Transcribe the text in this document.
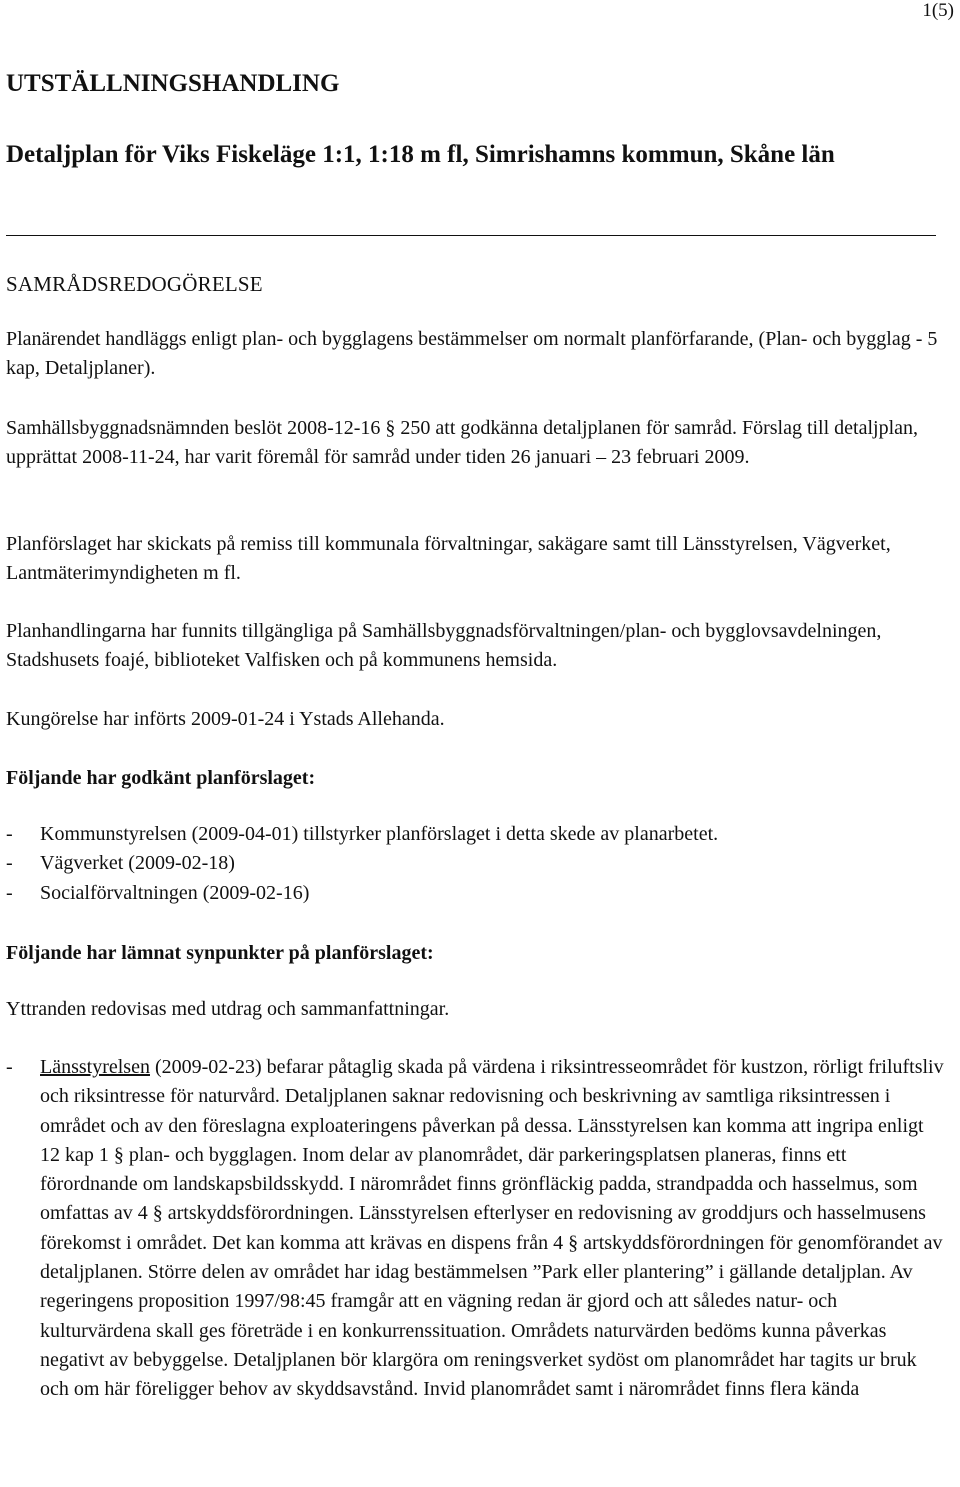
1(5)
UTSTÄLLNINGSHANDLING
Detaljplan för Viks Fiskeläge 1:1, 1:18 m fl, Simrishamns kommun, Skåne län
SAMRÅDSREDOGÖRELSE
Planärendet handläggs enligt plan- och bygglagens bestämmelser om normalt planförfarande, (Plan- och bygglag - 5 kap, Detaljplaner).
Samhällsbyggnadsnämnden beslöt 2008-12-16 § 250 att godkänna detaljplanen för samråd. Förslag till detaljplan, upprättat 2008-11-24, har varit föremål för samråd under tiden 26 januari – 23 februari 2009.
Planförslaget har skickats på remiss till kommunala förvaltningar, sakägare samt till Länsstyrelsen, Vägverket, Lantmäterimyndigheten m fl.
Planhandlingarna har funnits tillgängliga på Samhällsbyggnadsförvaltningen/plan- och bygglovsavdelningen, Stadshusets foajé, biblioteket Valfisken och på kommunens hemsida.
Kungörelse har införts 2009-01-24 i Ystads Allehanda.
Följande har godkänt planförslaget:
-	Kommunstyrelsen (2009-04-01) tillstyrker planförslaget i detta skede av planarbetet.
-	Vägverket (2009-02-18)
-	Socialförvaltningen (2009-02-16)
Följande har lämnat synpunkter på planförslaget:
Yttranden redovisas med utdrag och sammanfattningar.
-	Länsstyrelsen (2009-02-23) befarar påtaglig skada på värdena i riksintresseområdet för kustzon, rörligt friluftsliv och riksintresse för naturvård. Detaljplanen saknar redovisning och beskrivning av samtliga riksintressen i området och av den föreslagna exploateringens påverkan på dessa. Länsstyrelsen kan komma att ingripa enligt 12 kap 1 § plan- och bygglagen. Inom delar av planområdet, där parkeringsplatsen planeras, finns ett förordnande om landskapsbildsskydd. I närområdet finns grönfläckig padda, strandpadda och hasselmus, som omfattas av 4 § artskyddsförordningen. Länsstyrelsen efterlyser en redovisning av groddjurs och hasselmusens förekomst i området. Det kan komma att krävas en dispens från 4 § artskyddsförordningen för genomförandet av detaljplanen. Större delen av området har idag bestämmelsen ”Park eller plantering” i gällande detaljplan. Av regeringens proposition 1997/98:45 framgår att en vägning redan är gjord och att således natur- och kulturvärdena skall ges företräde i en konkurrenssituation. Områdets naturvärden bedöms kunna påverkas negativt av bebyggelse. Detaljplanen bör klargöra om reningsverket sydöst om planområdet har tagits ur bruk och om här föreligger behov av skyddsavstånd. Invid planområdet samt i närområdet finns flera kända
